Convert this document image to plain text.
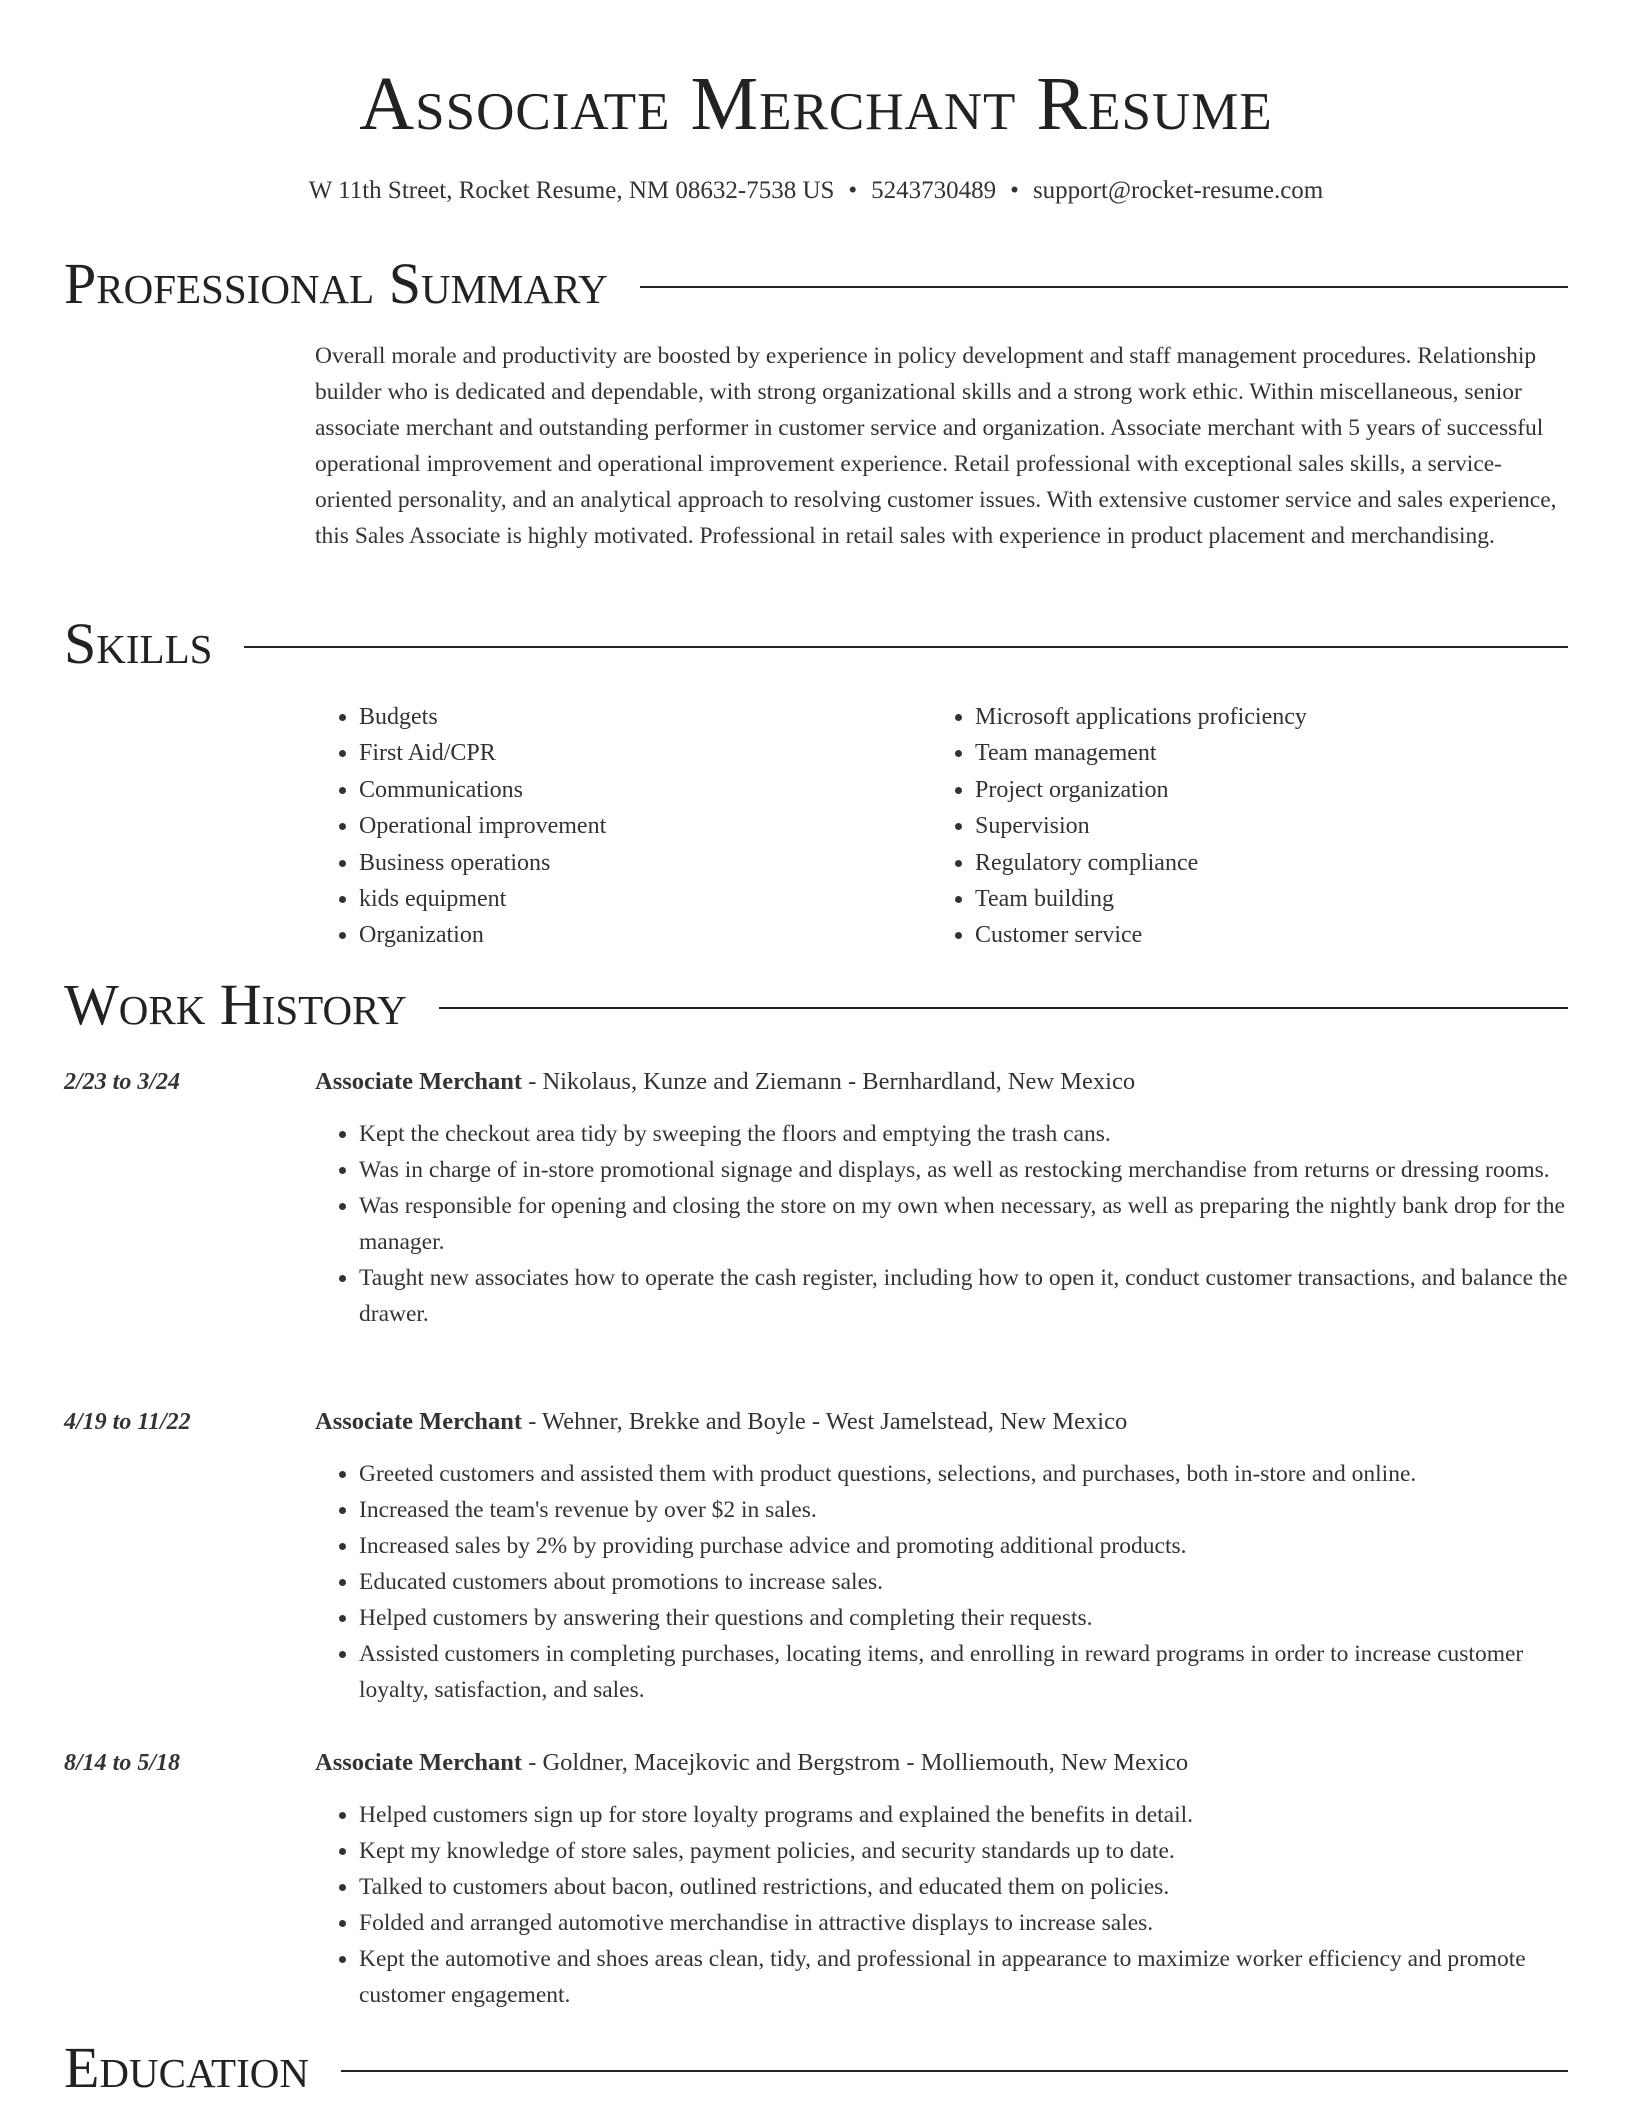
Associate Merchant Resume
W 11th Street, Rocket Resume, NM 08632-7538 US • 5243730489 • support@rocket-resume.com
Professional Summary

Overall morale and productivity are boosted by experience in policy development and staff management procedures. Relationship builder who is dedicated and dependable, with strong organizational skills and a strong work ethic. Within miscellaneous, senior associate merchant and outstanding performer in customer service and organization. Associate merchant with 5 years of successful operational improvement and operational improvement experience. Retail professional with exceptional sales skills, a service-oriented personality, and an analytical approach to resolving customer issues. With extensive customer service and sales experience, this Sales Associate is highly motivated. Professional in retail sales with experience in product placement and merchandising.

Skills
• Budgets
• First Aid/CPR
• Communications
• Operational improvement
• Business operations
• kids equipment
• Organization
• Microsoft applications proficiency
• Team management
• Project organization
• Supervision
• Regulatory compliance
• Team building
• Customer service
Work History
2/23 to 3/24	Associate Merchant - Nikolaus, Kunze and Ziemann - Bernhardland, New Mexico
• Kept the checkout area tidy by sweeping the floors and emptying the trash cans.
• Was in charge of in-store promotional signage and displays, as well as restocking merchandise from returns or dressing rooms.
• Was responsible for opening and closing the store on my own when necessary, as well as preparing the nightly bank drop for the manager.
• Taught new associates how to operate the cash register, including how to open it, conduct customer transactions, and balance the drawer.
4/19 to 11/22	Associate Merchant - Wehner, Brekke and Boyle - West Jamelstead, New Mexico
• Greeted customers and assisted them with product questions, selections, and purchases, both in-store and online.
• Increased the team's revenue by over $2 in sales.
• Increased sales by 2% by providing purchase advice and promoting additional products.
• Educated customers about promotions to increase sales.
• Helped customers by answering their questions and completing their requests.
• Assisted customers in completing purchases, locating items, and enrolling in reward programs in order to increase customer loyalty, satisfaction, and sales.
8/14 to 5/18	Associate Merchant - Goldner, Macejkovic and Bergstrom - Molliemouth, New Mexico
• Helped customers sign up for store loyalty programs and explained the benefits in detail.
• Kept my knowledge of store sales, payment policies, and security standards up to date.
• Talked to customers about bacon, outlined restrictions, and educated them on policies.
• Folded and arranged automotive merchandise in attractive displays to increase sales.
• Kept the automotive and shoes areas clean, tidy, and professional in appearance to maximize worker efficiency and promote customer engagement.
Education
